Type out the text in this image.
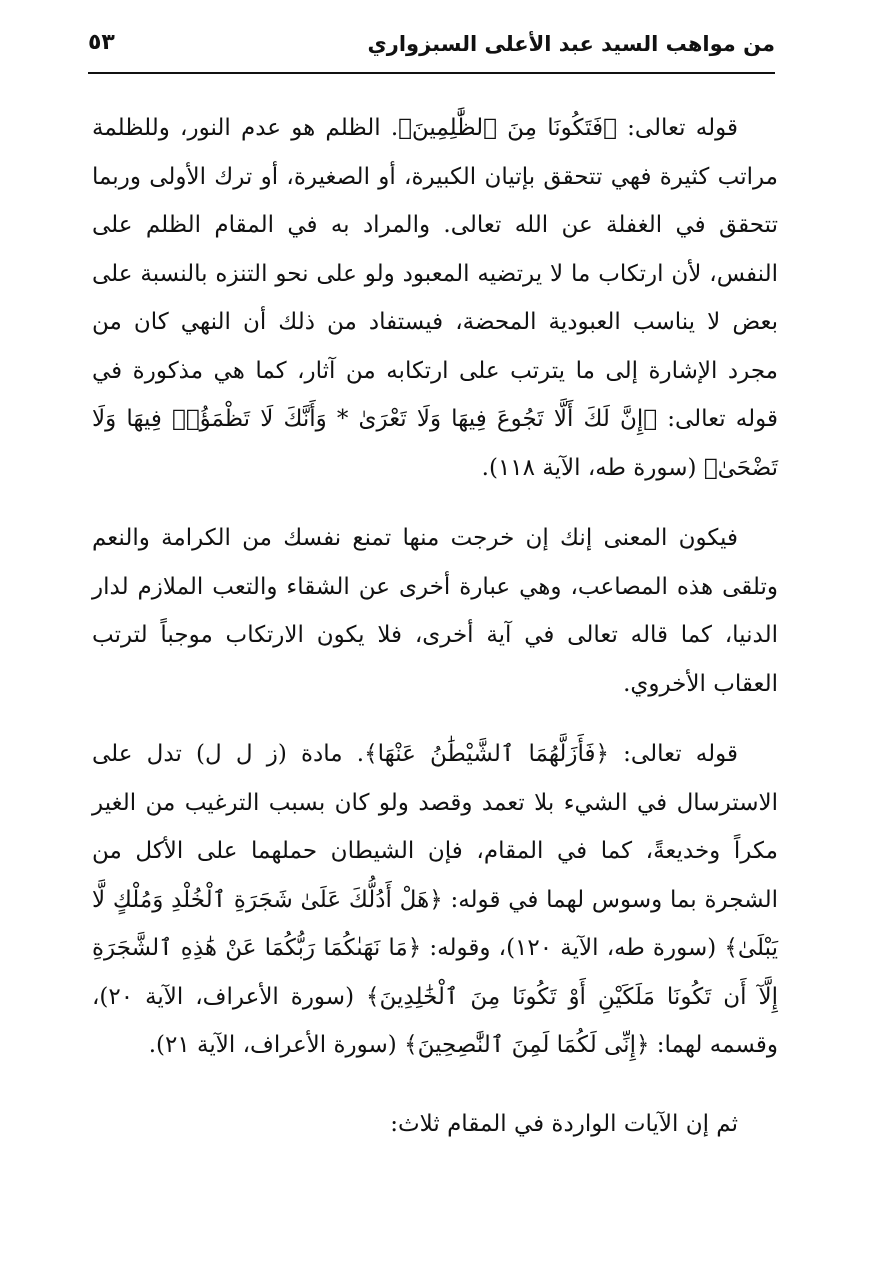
من مواهب السيد عبد الأعلى السبزواري
٥٣

قوله تعالى: ﴿فَتَكُونَا مِنَ ٱلظَّٰلِمِينَ﴾. الظلم هو عدم النور، وللظلمة مراتب كثيرة فهي تتحقق بإتيان الكبيرة، أو الصغيرة، أو ترك الأولى وربما تتحقق في الغفلة عن الله تعالى. والمراد به في المقام الظلم على النفس، لأن ارتكاب ما لا يرتضيه المعبود ولو على نحو التنزه بالنسبة على بعض لا يناسب العبودية المحضة، فيستفاد من ذلك أن النهي كان من مجرد الإشارة إلى ما يترتب على ارتكابه من آثار، كما هي مذكورة في قوله تعالى: ﴿إِنَّ لَكَ أَلَّا تَجُوعَ فِيهَا وَلَا تَعْرَىٰ * وَأَنَّكَ لَا تَظْمَؤُا۟ فِيهَا وَلَا تَضْحَىٰ﴾ (سورة طه، الآية ١١٨).

فيكون المعنى إنك إن خرجت منها تمنع نفسك من الكرامة والنعم وتلقى هذه المصاعب، وهي عبارة أخرى عن الشقاء والتعب الملازم لدار الدنيا، كما قاله تعالى في آية أخرى، فلا يكون الارتكاب موجباً لترتب العقاب الأخروي.

قوله تعالى: ﴿فَأَزَلَّهُمَا ٱلشَّيْطَٰنُ عَنْهَا﴾. مادة (ز ل ل) تدل على الاسترسال في الشيء بلا تعمد وقصد ولو كان بسبب الترغيب من الغير مكراً وخديعةً، كما في المقام، فإن الشيطان حملهما على الأكل من الشجرة بما وسوس لهما في قوله: ﴿هَلْ أَدُلُّكَ عَلَىٰ شَجَرَةِ ٱلْخُلْدِ وَمُلْكٍ لَّا يَبْلَىٰ﴾ (سورة طه، الآية ١٢٠)، وقوله: ﴿مَا نَهَىٰكُمَا رَبُّكُمَا عَنْ هَٰذِهِ ٱلشَّجَرَةِ إِلَّآ أَن تَكُونَا مَلَكَيْنِ أَوْ تَكُونَا مِنَ ٱلْخَٰلِدِينَ﴾ (سورة الأعراف، الآية ٢٠)، وقسمه لهما: ﴿إِنِّى لَكُمَا لَمِنَ ٱلنَّٰصِحِينَ﴾ (سورة الأعراف، الآية ٢١).

ثم إن الآيات الواردة في المقام ثلاث:
